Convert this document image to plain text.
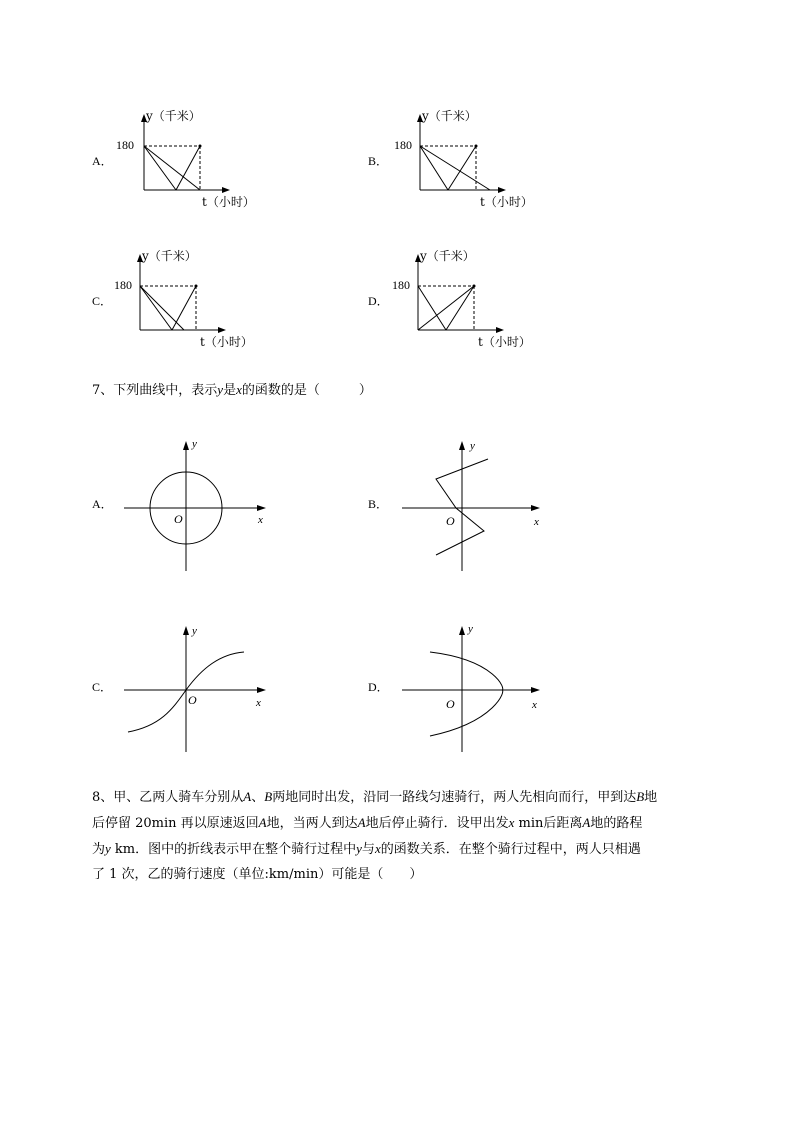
A．
y（千米）
180
t（小时）
B．
y（千米）
180
t（小时）
C．
y（千米）
180
t（小时）
D．
y（千米）
180
t（小时）
7、下列曲线中，表示y是x的函数的是（　　　）
A．
y
x
O
B．
y
x
O
C．
y
x
O
D．
y
x
O
8、甲、乙两人骑车分别从A、B两地同时出发，沿同一路线匀速骑行，两人先相向而行，甲到达B地
后停留 20min 再以原速返回A地，当两人到达A地后停止骑行．设甲出发x min后距离A地的路程
为y km．图中的折线表示甲在整个骑行过程中y与x的函数关系．在整个骑行过程中，两人只相遇
了 1 次，乙的骑行速度（单位:km/min）可能是（　　）
